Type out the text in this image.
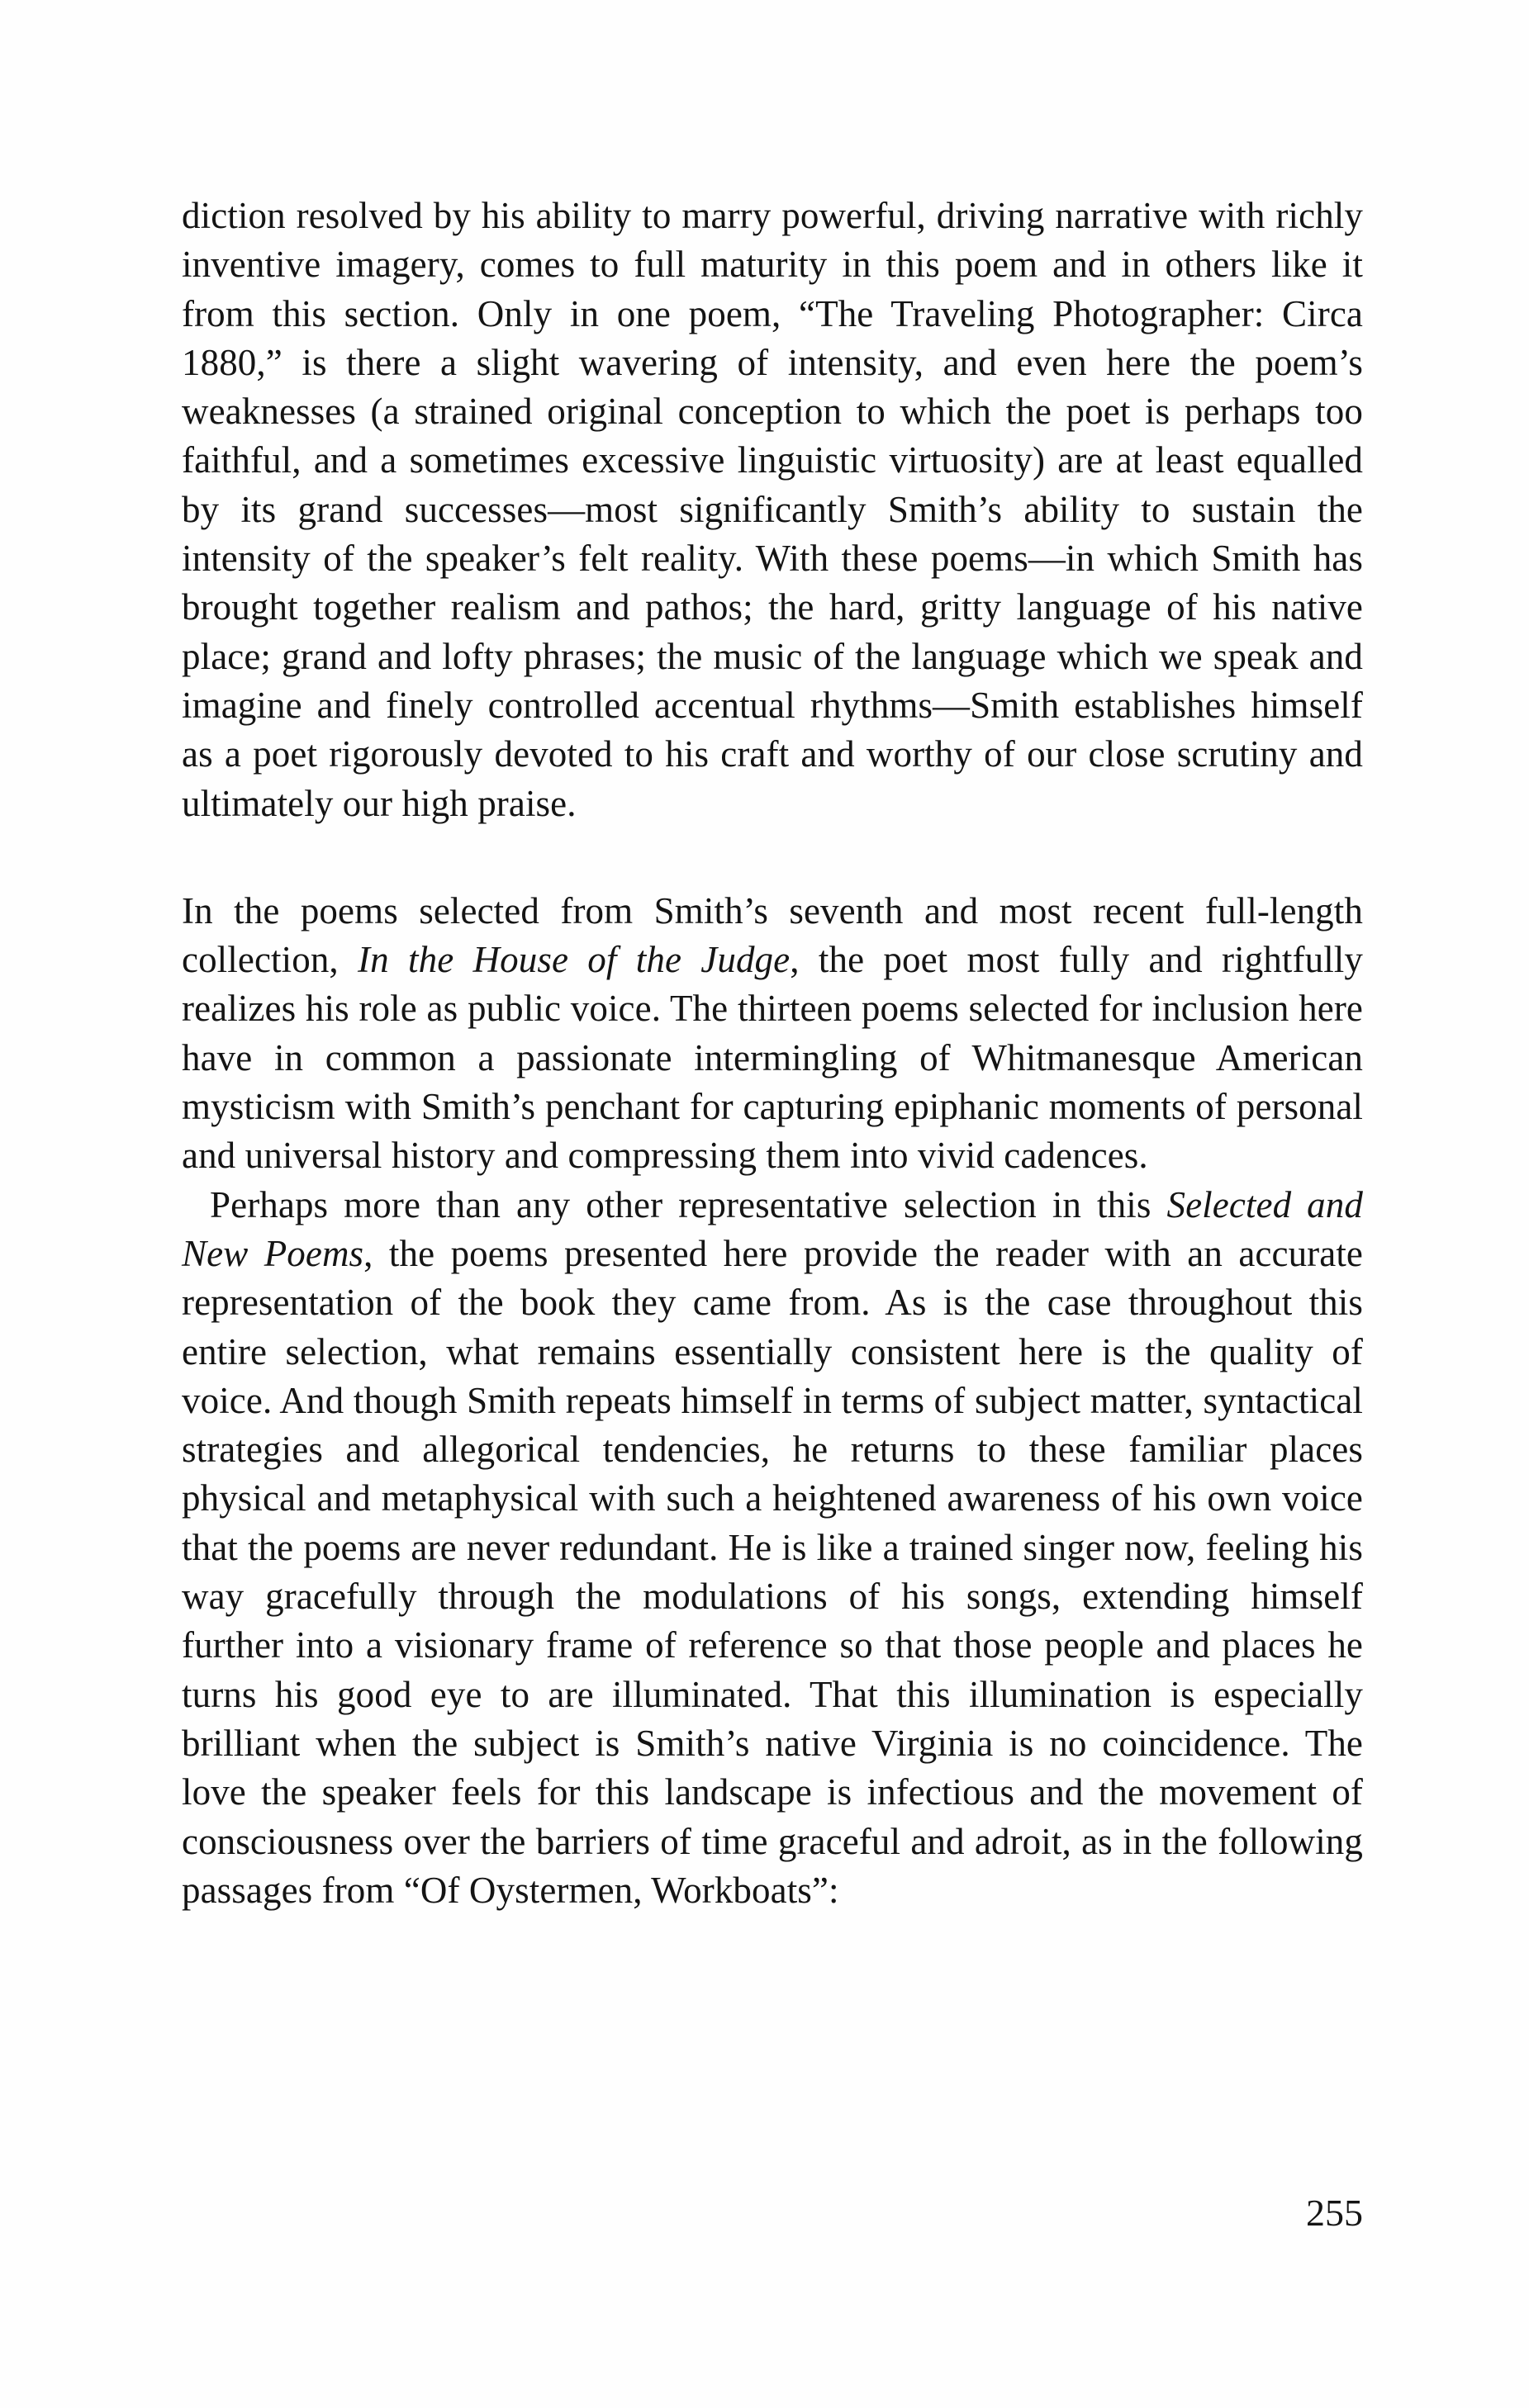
diction resolved by his ability to marry powerful, driving narrative with richly inventive imagery, comes to full maturity in this poem and in others like it from this section. Only in one poem, “The Traveling Photographer: Circa 1880,” is there a slight wavering of intensity, and even here the poem’s weaknesses (a strained original conception to which the poet is perhaps too faithful, and a sometimes excessive linguistic virtuosity) are at least equalled by its grand successes—most significantly Smith’s ability to sustain the intensity of the speaker’s felt reality. With these poems—in which Smith has brought together realism and pathos; the hard, gritty language of his native place; grand and lofty phrases; the music of the language which we speak and imagine and finely controlled accentual rhythms—Smith establishes himself as a poet rigorously devoted to his craft and worthy of our close scrutiny and ultimately our high praise.

In the poems selected from Smith’s seventh and most recent full-length collection, In the House of the Judge, the poet most fully and rightfully realizes his role as public voice. The thirteen poems selected for inclusion here have in common a passionate intermingling of Whitmanesque American mysticism with Smith’s penchant for capturing epiphanic moments of personal and universal history and compressing them into vivid cadences.

Perhaps more than any other representative selection in this Selected and New Poems, the poems presented here provide the reader with an accurate representation of the book they came from. As is the case throughout this entire selection, what remains essentially consistent here is the quality of voice. And though Smith repeats himself in terms of subject matter, syntactical strategies and allegorical tendencies, he returns to these familiar places physical and metaphysical with such a heightened awareness of his own voice that the poems are never redundant. He is like a trained singer now, feeling his way gracefully through the modulations of his songs, extending himself further into a visionary frame of reference so that those people and places he turns his good eye to are illuminated. That this illumination is especially brilliant when the subject is Smith’s native Virginia is no coincidence. The love the speaker feels for this landscape is infectious and the movement of consciousness over the barriers of time graceful and adroit, as in the following passages from “Of Oystermen, Workboats”:

255
